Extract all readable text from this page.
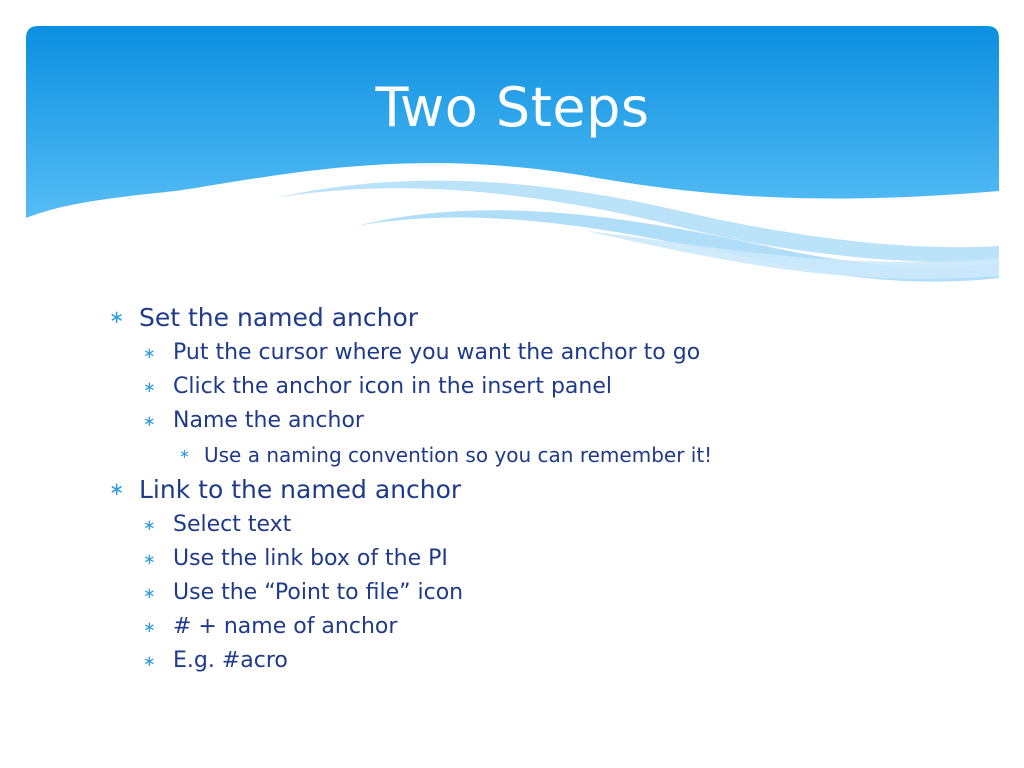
Two Steps
∗ Set the named anchor
∗ Put the cursor where you want the anchor to go
∗ Click the anchor icon in the insert panel
∗ Name the anchor
∗ Use a naming convention so you can remember it!
∗ Link to the named anchor
∗ Select text
∗ Use the link box of the PI
∗ Use the “Point to file” icon
∗ # + name of anchor
∗ E.g. #acro
